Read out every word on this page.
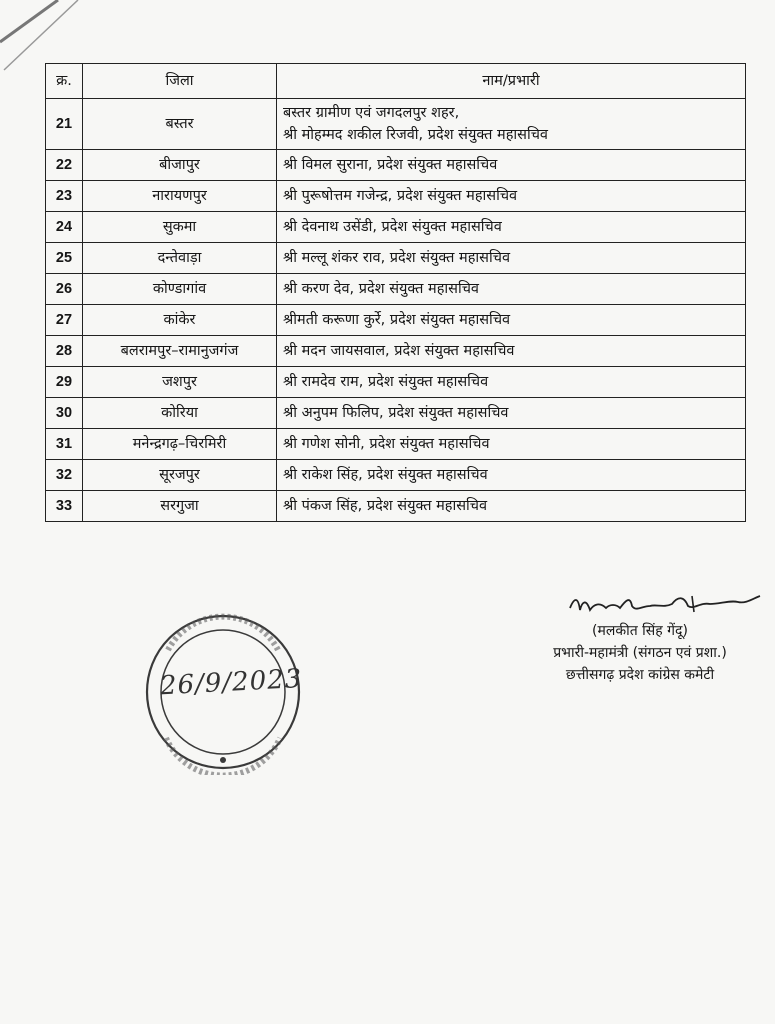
क्र.	जिला	नाम/प्रभारी
21	बस्तर	बस्तर ग्रामीण एवं जगदलपुर शहर,
श्री मोहम्मद शकील रिजवी, प्रदेश संयुक्त महासचिव

22	बीजापुर	श्री विमल सुराना, प्रदेश संयुक्त महासचिव

23	नारायणपुर	श्री पुरूषोत्तम गजेन्द्र, प्रदेश संयुक्त महासचिव

24	सुकमा	श्री देवनाथ उसेंडी, प्रदेश संयुक्त महासचिव

25	दन्तेवाड़ा	श्री मल्लू शंकर राव, प्रदेश संयुक्त महासचिव

26	कोण्डागांव	श्री करण देव, प्रदेश संयुक्त महासचिव

27	कांकेर	श्रीमती करूणा कुर्रे, प्रदेश संयुक्त महासचिव

28	बलरामपुर–रामानुजगंज	श्री मदन जायसवाल, प्रदेश संयुक्त महासचिव

29	जशपुर	श्री रामदेव राम, प्रदेश संयुक्त महासचिव

30	कोरिया	श्री अनुपम फिलिप, प्रदेश संयुक्त महासचिव

31	मनेन्द्रगढ़–चिरमिरी	श्री गणेश सोनी, प्रदेश संयुक्त महासचिव

32	सूरजपुर	श्री राकेश सिंह, प्रदेश संयुक्त महासचिव

33	सरगुजा	श्री पंकज सिंह, प्रदेश संयुक्त महासचिव
(मलकीत सिंह गेंदू)
प्रभारी-महामंत्री (संगठन एवं प्रशा.)
छत्तीसगढ़ प्रदेश कांग्रेस कमेटी
26/9/2023
